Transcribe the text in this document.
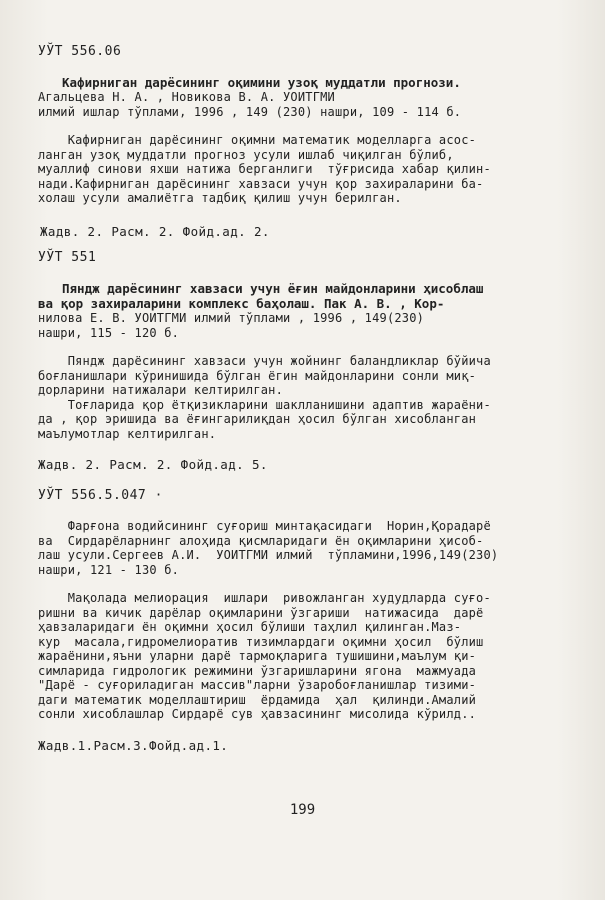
УЎТ 556.06
Кафирниган дарёсининг оқимини узоқ муддатли прогнози.
Агальцева Н. А. , Новикова В. А. УОИТГМИ
илмий ишлар тўплами, 1996 , 149 (230) нашри, 109 - 114 б.
Кафирниган дарёсининг оқимни математик моделларга асос-
ланган узоқ муддатли прогноз усули ишлаб чиқилган бўлиб,
муаллиф синови яхши натижа берганлиги  тўғрисида хабар қилин-
нади.Кафирниган дарёсининг хавзаси учун қор захираларини ба-
холаш усули амалиётга тадбиқ қилиш учун берилган.
Жадв. 2. Расм. 2. Фойд.ад. 2.
УЎТ 551
Пяндж дарёсининг хавзаси учун ёғин майдонларини ҳисоблаш
ва қор захираларини комплекс баҳолаш. Пак А. В. , Кор-
нилова Е. В. УОИТГМИ илмий тўплами , 1996 , 149(230)
нашри, 115 - 120 б.
Пяндж дарёсининг хавзаси учун жойнинг баландликлар бўйича
боғланишлари кўринишида бўлган ёгин майдонларини сонли миқ-
дорларини натижалари келтирилган.
Тоғларида қор ётқизикларини шаклланишини адаптив жараёни-
да , қор эришида ва ёғингарилиқдан ҳосил бўлган хисобланган
маълумотлар келтирилган.
Жадв. 2. Расм. 2. Фойд.ад. 5.
УЎТ 556.5.047 ·
Фарғона водийсининг суғориш минтақасидаги  Норин,Қорадарё
ва  Сирдарёларнинг алоҳида қисмларидаги ён оқимларини ҳисоб-
лаш усули.Сергеев А.И.  УОИТГМИ илмий  тўпламини,1996,149(230)
нашри, 121 - 130 б.
Мақолада мелиорация  ишлари  ривожланган худудларда суғо-
ришни ва кичик дарёлар оқимларини ўзгариши  натижасида  дарё
ҳавзаларидаги ён оқимни ҳосил бўлиши таҳлил қилинган.Маз-
кур  масала,гидромелиоратив тизимлардаги оқимни ҳосил  бўлиш
жараёнини,яъни уларни дарё тармоқларига тушишини,маълум қи-
симларида гидрологик режимини ўзгаришларини ягона  мажмуада
"Дарё - суғориладиган массив"ларни ўзаробоғланишлар тизими-
даги математик моделлаштириш  ёрдамида  ҳал  қилинди.Амалий
сонли хисоблашлар Сирдарё сув ҳавзасининг мисолида кўрилд..
Жадв.1.Расм.3.Фойд.ад.1.
199
